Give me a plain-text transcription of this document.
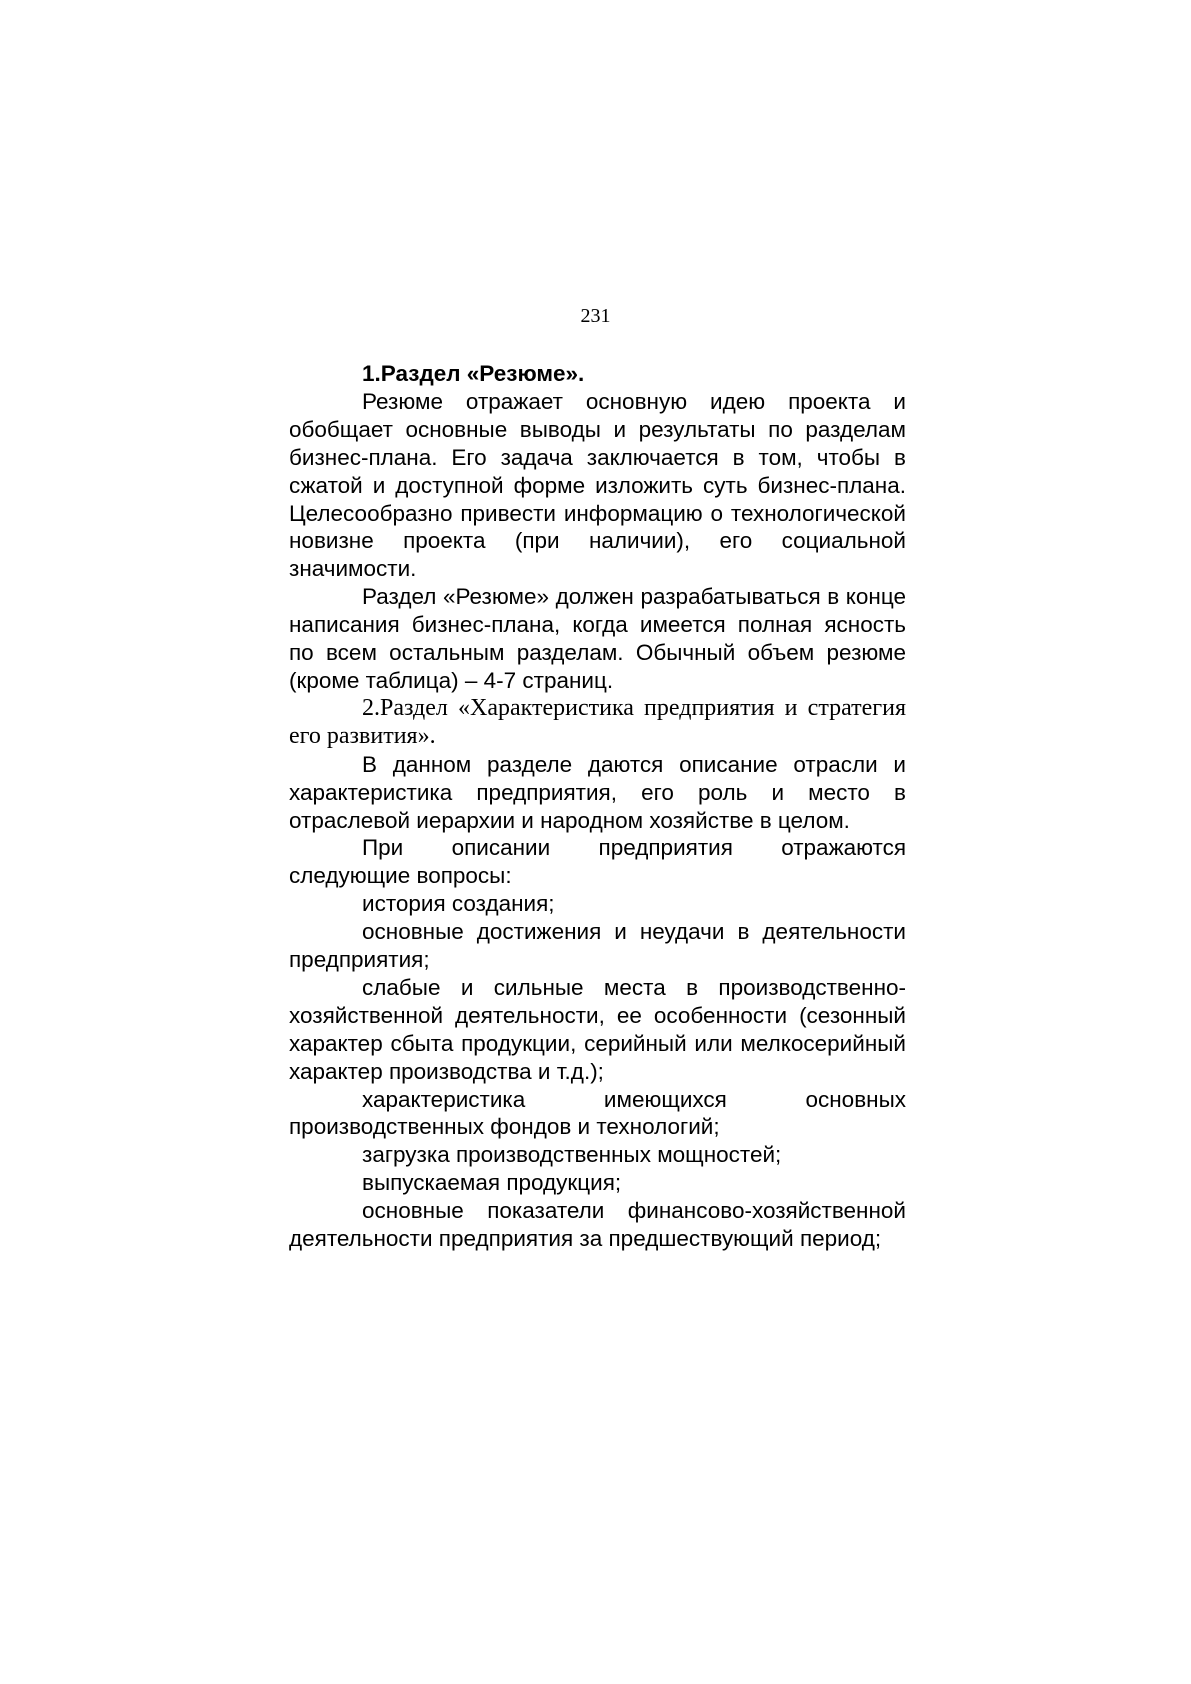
231

1.Раздел «Резюме».

Резюме отражает основную идею проекта и обобщает основные выводы и результаты по разделам бизнес-плана. Его задача заключается в том, чтобы в сжатой и доступной форме изложить суть бизнес-плана. Целесообразно привести информацию о технологической новизне проекта (при наличии), его социальной значимости.

Раздел «Резюме» должен разрабатываться в конце написания бизнес-плана, когда имеется полная ясность по всем остальным разделам. Обычный объем резюме (кроме таблица) – 4-7 страниц.

2.Раздел «Характеристика предприятия и стратегия его развития».

В данном разделе даются описание отрасли и характеристика предприятия, его роль и место в отраслевой иерархии и народном хозяйстве в целом.

При описании предприятия отражаются следующие вопросы:

история создания;

основные достижения и неудачи в деятельности предприятия;

слабые и сильные места в производственно-хозяйственной деятельности, ее особенности (сезонный характер сбыта продукции, серийный или мелкосерийный характер производства и т.д.);

характеристика имеющихся основных производственных фондов и технологий;

загрузка производственных мощностей;

выпускаемая продукция;

основные показатели финансово-хозяйственной деятельности предприятия за предшествующий период;
